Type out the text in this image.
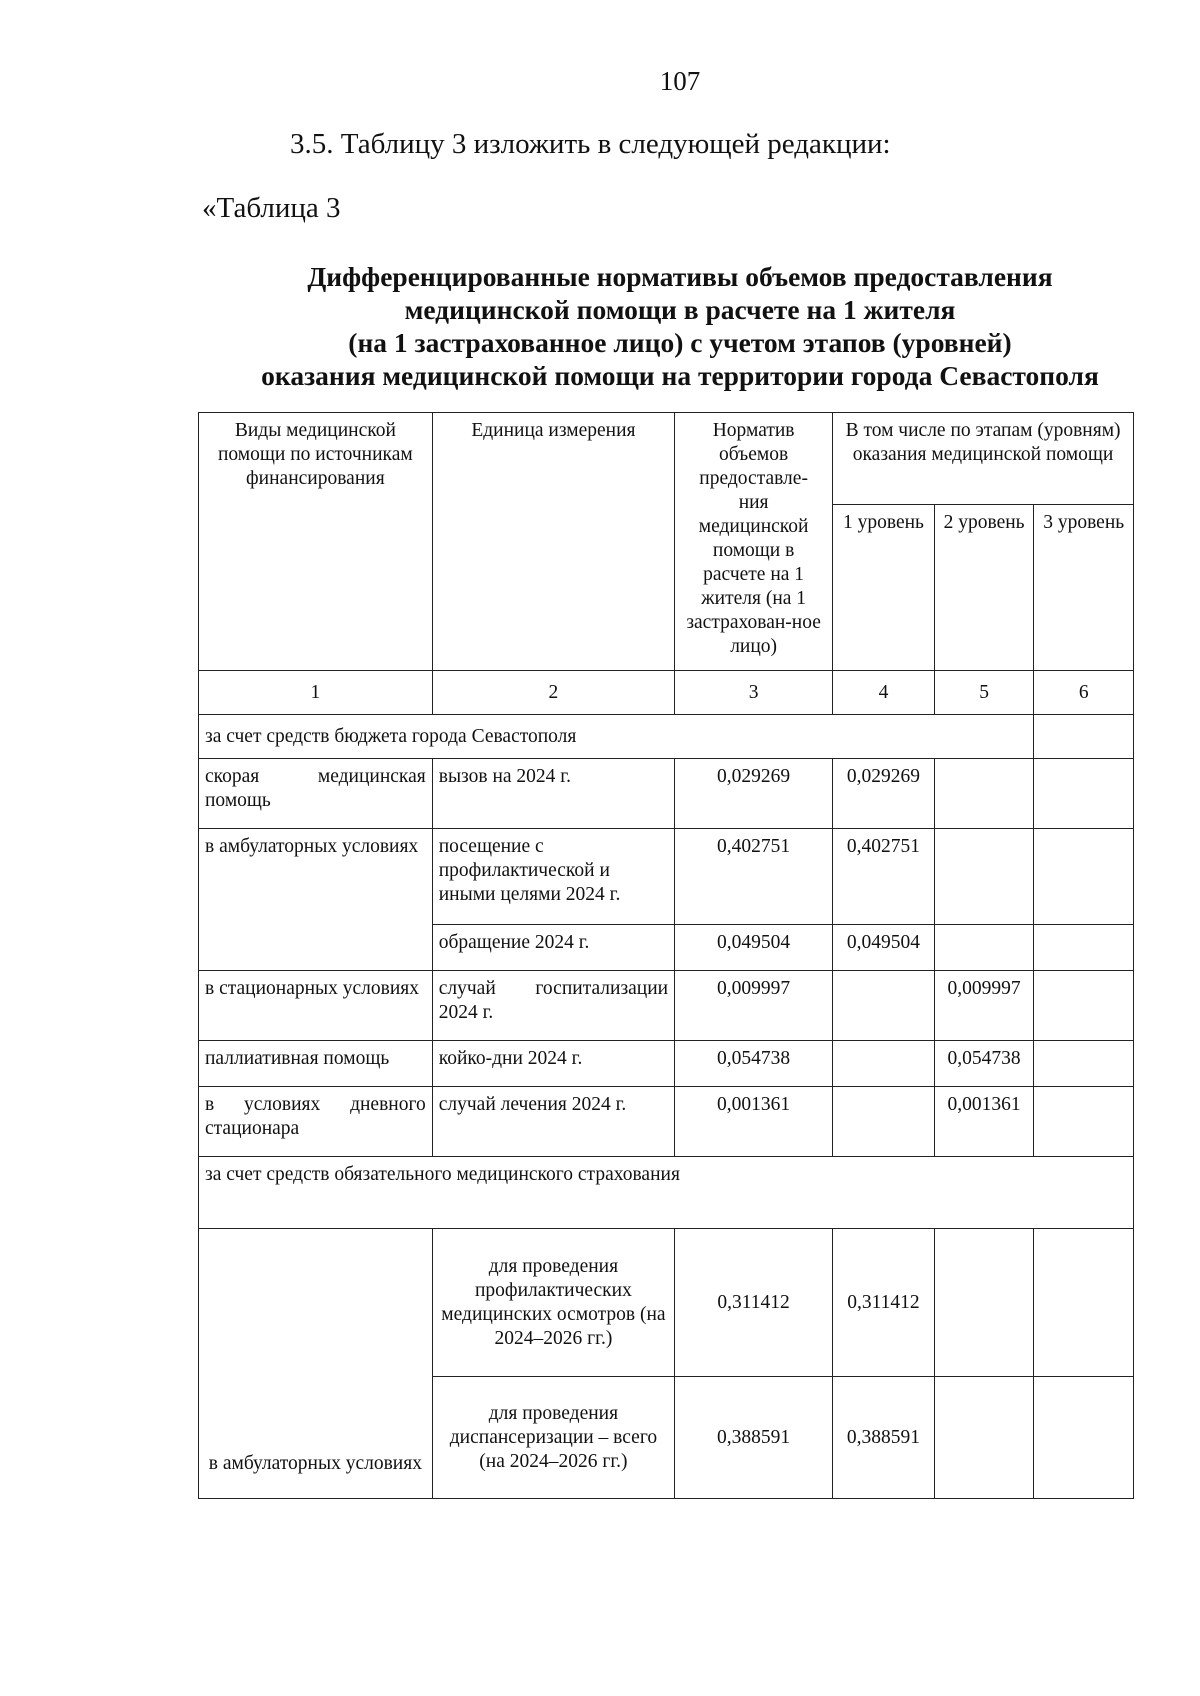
107
3.5. Таблицу 3 изложить в следующей редакции:
«Таблица 3
Дифференцированные нормативы объемов предоставления
медицинской помощи в расчете на 1 жителя
(на 1 застрахованное лицо) с учетом этапов (уровней)
оказания медицинской помощи на территории города Севастополя
Виды медицинской помощи по источникам финансирования	Единица измерения	Норматив объемов предоставле-ния медицинской помощи в расчете на 1 жителя (на 1 застрахован-ное лицо)	В том числе по этапам (уровням) оказания медицинской помощи		
			1 уровень	2 уровень	3 уровень
1	2	3	4	5	6
за счет средств бюджета города Севастополя					
скорая медицинская помощь	вызов на 2024 г.	0,029269	0,029269		
в амбулаторных условиях	посещение с профилактической и иными целями 2024 г.	0,402751	0,402751		
	обращение 2024 г.	0,049504	0,049504		
в стационарных условиях	случай госпитализации 2024 г.	0,009997		0,009997	
паллиативная помощь	койко-дни 2024 г.	0,054738		0,054738	
в условиях дневного стационара	случай лечения 2024 г.	0,001361		0,001361	
за счет средств обязательного медицинского страхования					
в амбулаторных условиях	для проведения профилактических медицинских осмотров (на 2024–2026 гг.)	0,311412	0,311412		
	для проведения диспансеризации – всего (на 2024–2026 гг.)	0,388591	0,388591		
